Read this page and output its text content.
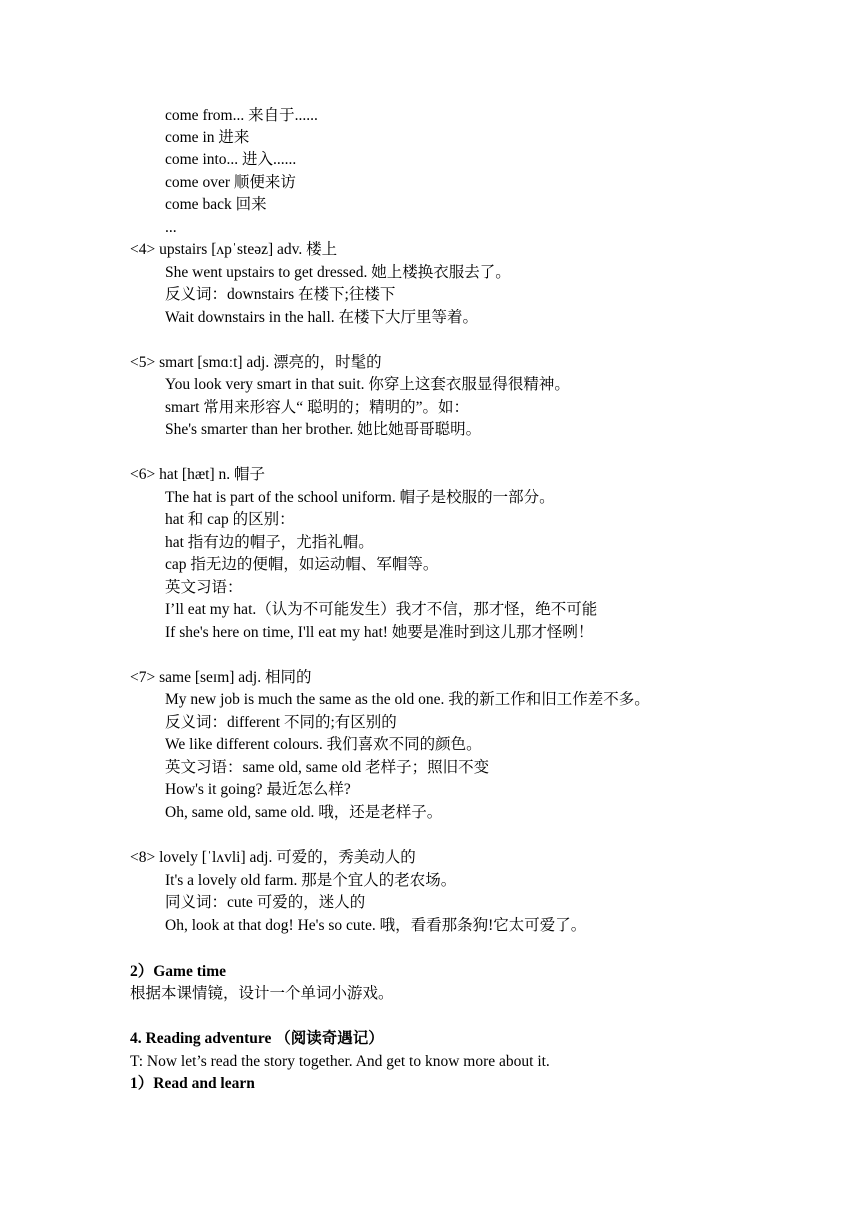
come from... 来自于......
come in 进来
come into... 进入......
come over 顺便来访
come back 回来
...
<4> upstairs [ʌpˈsteəz] adv. 楼上
She went upstairs to get dressed. 她上楼换衣服去了。
反义词：downstairs 在楼下;往楼下
Wait downstairs in the hall. 在楼下大厅里等着。
<5> smart [smɑːt] adj. 漂亮的，时髦的
You look very smart in that suit. 你穿上这套衣服显得很精神。
smart 常用来形容人“ 聪明的；精明的”。如：
She's smarter than her brother. 她比她哥哥聪明。
<6> hat [hæt] n. 帽子
The hat is part of the school uniform. 帽子是校服的一部分。
hat 和 cap 的区别：
hat 指有边的帽子，尤指礼帽。
cap 指无边的便帽，如运动帽、军帽等。
英文习语：
I’ll eat my hat.（认为不可能发生）我才不信，那才怪，绝不可能
If she's here on time, I'll eat my hat! 她要是准时到这儿那才怪咧！
<7> same [seɪm] adj. 相同的
My new job is much the same as the old one. 我的新工作和旧工作差不多。
反义词：different 不同的;有区别的
We like different colours. 我们喜欢不同的颜色。
英文习语：same old, same old 老样子；照旧不变
How's it going? 最近怎么样?
Oh, same old, same old. 哦，还是老样子。
<8> lovely [ˈlʌvli] adj. 可爱的，秀美动人的
It's a lovely old farm. 那是个宜人的老农场。
同义词：cute 可爱的，迷人的
Oh, look at that dog! He's so cute. 哦，看看那条狗!它太可爱了。
2）Game time
根据本课情镜，设计一个单词小游戏。
4. Reading adventure （阅读奇遇记）
T: Now let’s read the story together. And get to know more about it.
1）Read and learn
